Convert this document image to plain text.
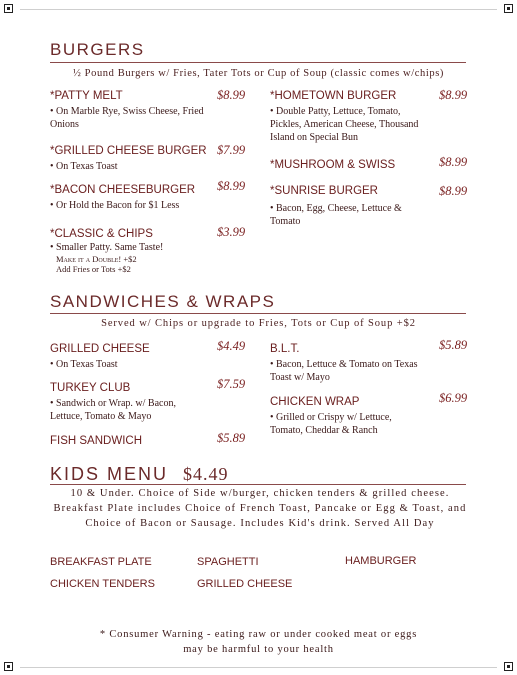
BURGERS
½ Pound Burgers w/ Fries, Tater Tots or Cup of Soup (classic comes w/chips)
*PATTY MELT
• On Marble Rye, Swiss Cheese, Fried Onions
$8.99
*GRILLED CHEESE BURGER
• On Texas Toast
$7.99
*BACON CHEESEBURGER
• Or Hold the Bacon for $1 Less
$8.99
*CLASSIC & CHIPS
• Smaller Patty. Same Taste!
Make it a Double! +$2
Add Fries or Tots +$2
$3.99
*HOMETOWN BURGER
• Double Patty, Lettuce, Tomato, Pickles, American Cheese, Thousand Island on Special Bun
$8.99
*MUSHROOM & SWISS	$8.99
*SUNRISE BURGER
• Bacon, Egg, Cheese, Lettuce & Tomato
$8.99
SANDWICHES & WRAPS
Served w/ Chips or upgrade to Fries, Tots or Cup of Soup +$2
GRILLED CHEESE
• On Texas Toast
$4.49
TURKEY CLUB
• Sandwich or Wrap. w/ Bacon, Lettuce, Tomato & Mayo
$7.59
FISH SANDWICH	$5.89
B.L.T.
• Bacon, Lettuce & Tomato on Texas Toast w/ Mayo
$5.89
CHICKEN WRAP
• Grilled or Crispy w/ Lettuce, Tomato, Cheddar & Ranch
$6.99
KIDS MENU $4.49
10 & Under. Choice of Side w/burger, chicken tenders & grilled cheese. Breakfast Plate includes Choice of French Toast, Pancake or Egg & Toast, and Choice of Bacon or Sausage. Includes Kid's drink. Served All Day
BREAKFAST PLATE	SPAGHETTI	HAMBURGER
CHICKEN TENDERS	GRILLED CHEESE
* Consumer Warning - eating raw or under cooked meat or eggs
may be harmful to your health
